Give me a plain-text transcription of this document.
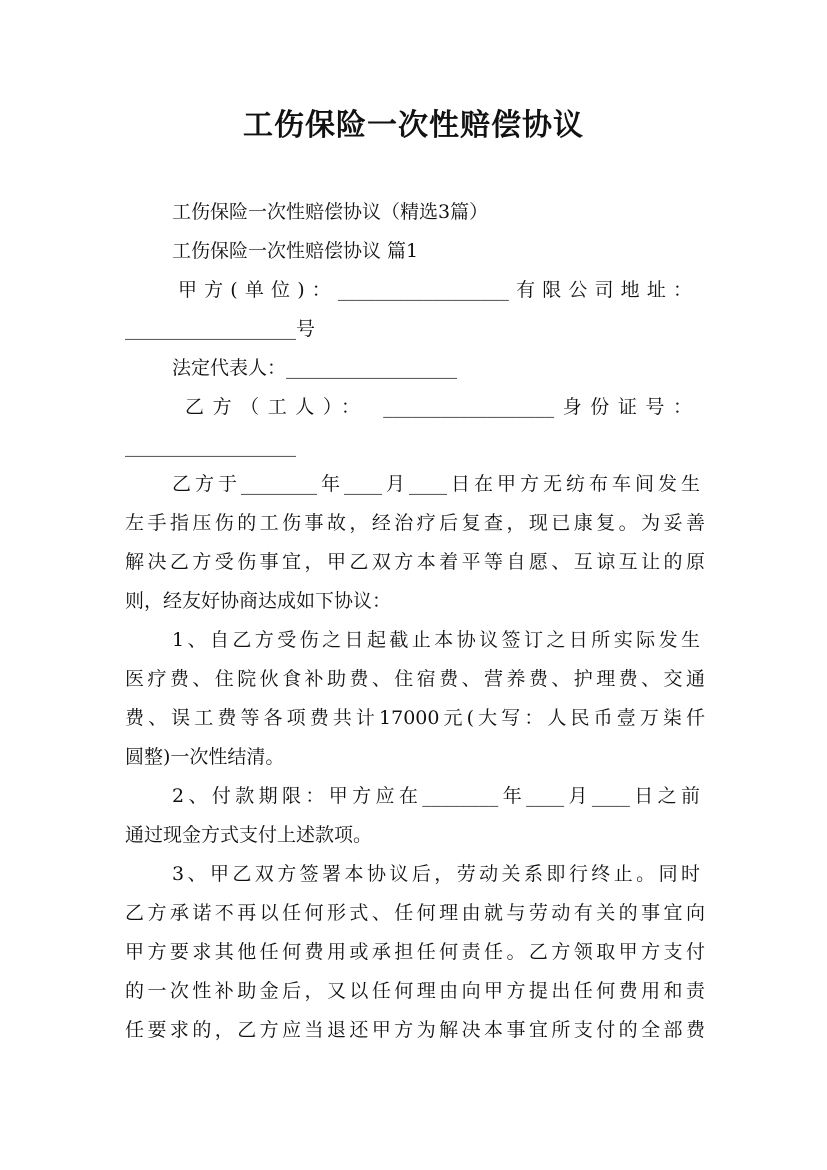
工伤保险一次性赔偿协议

工伤保险一次性赔偿协议（精选3篇）

工伤保险一次性赔偿协议 篇1

甲方(单位)：__________________有限公司地址：

__________________号

法定代表人：__________________

乙方（工人）： __________________身份证号：

__________________

乙方于________年____月____日在甲方无纺布车间发生

左手指压伤的工伤事故，经治疗后复查，现已康复。为妥善

解决乙方受伤事宜，甲乙双方本着平等自愿、互谅互让的原

则，经友好协商达成如下协议：

1、自乙方受伤之日起截止本协议签订之日所实际发生

医疗费、住院伙食补助费、住宿费、营养费、护理费、交通

费、误工费等各项费共计17000元(大写：人民币壹万柒仟

圆整)一次性结清。

2、付款期限：甲方应在________年____月____日之前

通过现金方式支付上述款项。

3、甲乙双方签署本协议后，劳动关系即行终止。同时

乙方承诺不再以任何形式、任何理由就与劳动有关的事宜向

甲方要求其他任何费用或承担任何责任。乙方领取甲方支付

的一次性补助金后，又以任何理由向甲方提出任何费用和责

任要求的，乙方应当退还甲方为解决本事宜所支付的全部费
